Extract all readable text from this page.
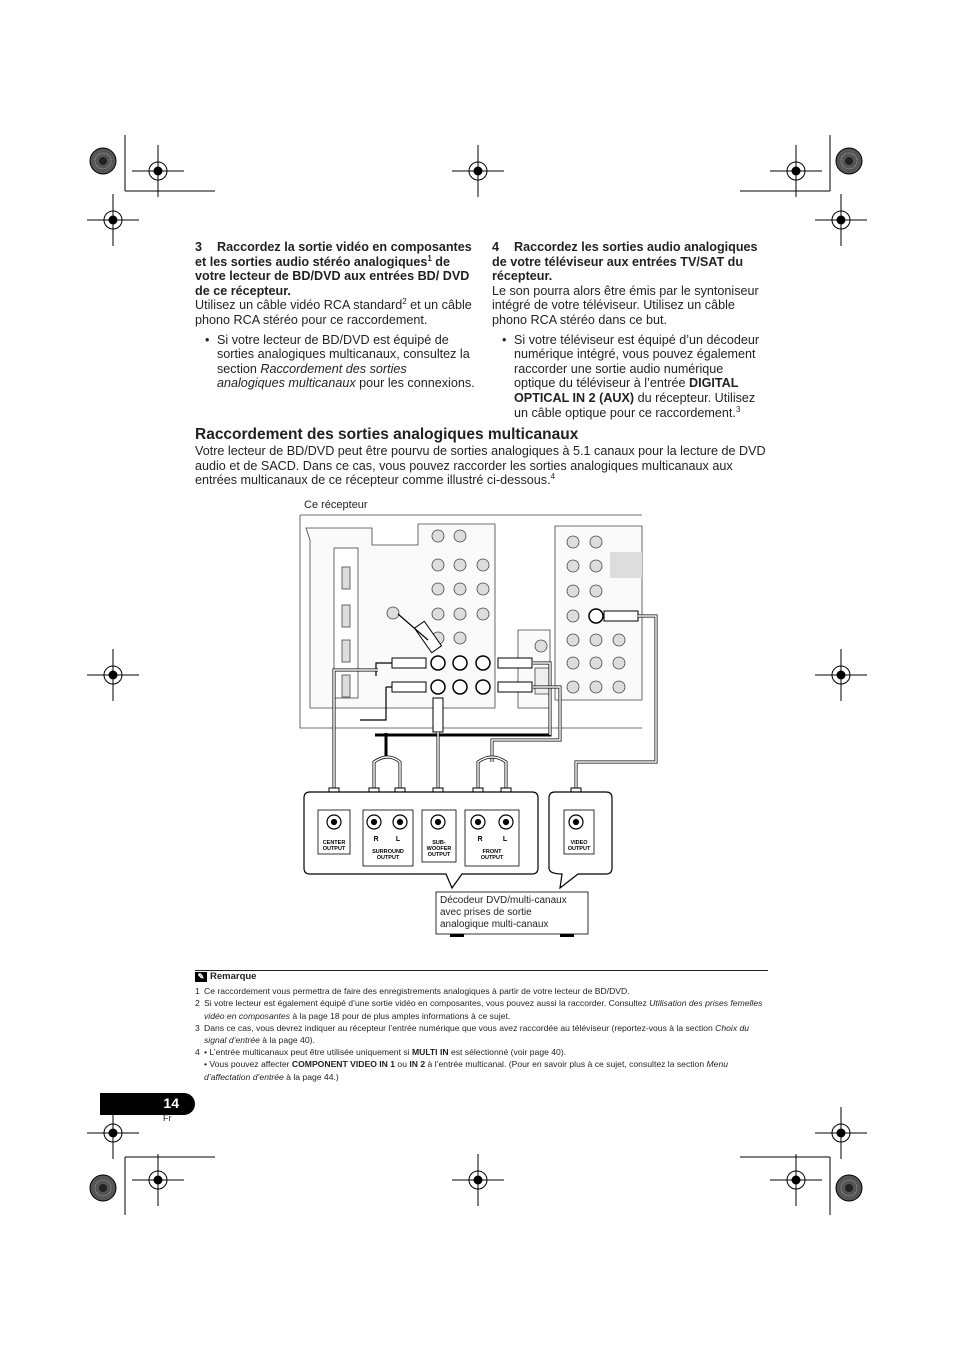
3 Raccordez la sortie vidéo en composantes et les sorties audio stéréo analogiques$^1$ de votre lecteur de BD/DVD aux entrées BD/ DVD de ce récepteur.

Utilisez un câble vidéo RCA standard$^2$ et un câble phono RCA stéréo pour ce raccordement.

• Si votre lecteur de BD/DVD est équipé de sorties analogiques multicanaux, consultez la section Raccordement des sorties analogiques multicanaux pour les connexions.
4 Raccordez les sorties audio analogiques de votre téléviseur aux entrées TV/SAT du récepteur.

Le son pourra alors être émis par le syntoniseur intégré de votre téléviseur. Utilisez un câble phono RCA stéréo dans ce but.

• Si votre téléviseur est équipé d’un décodeur numérique intégré, vous pouvez également raccorder une sortie audio numérique optique du téléviseur à l’entrée DIGITAL OPTICAL IN 2 (AUX) du récepteur. Utilisez un câble optique pour ce raccordement.$^3$
Raccordement des sorties analogiques multicanaux
Votre lecteur de BD/DVD peut être pourvu de sorties analogiques à 5.1 canaux pour la lecture de DVD audio et de SACD. Dans ce cas, vous pouvez raccorder les sorties analogiques multicanaux aux entrées multicanaux de ce récepteur comme illustré ci-dessous.$^4$
Ce récepteur
CENTER
OUTPUT
R L
SURROUND
OUTPUT
SUB-
WOOFER
OUTPUT
R	L
FRONT
OUTPUT
VIDEO
OUTPUT
Décodeur DVD/multi-canaux
avec prises de sortie
analogique multi-canaux
✎ Remarque
1 Ce raccordement vous permettra de faire des enregistrements analogiques à partir de votre lecteur de BD/DVD.
2 Si votre lecteur est également équipé d’une sortie vidéo en composantes, vous pouvez aussi la raccorder. Consultez Utilisation des prises femelles vidéo en composantes à la page 18 pour de plus amples informations à ce sujet.
3 Dans ce cas, vous devrez indiquer au récepteur l’entrée numérique que vous avez raccordée au téléviseur (reportez-vous à la section Choix du signal d’entrée à la page 40).
4 • L’entrée multicanaux peut être utilisée uniquement si MULTI IN est sélectionné (voir page 40).
• Vous pouvez affecter COMPONENT VIDEO IN 1 ou IN 2 à l’entrée multicanal. (Pour en savoir plus à ce sujet, consultez la section Menu d’affectation d’entrée à la page 44.)
14
Fr
